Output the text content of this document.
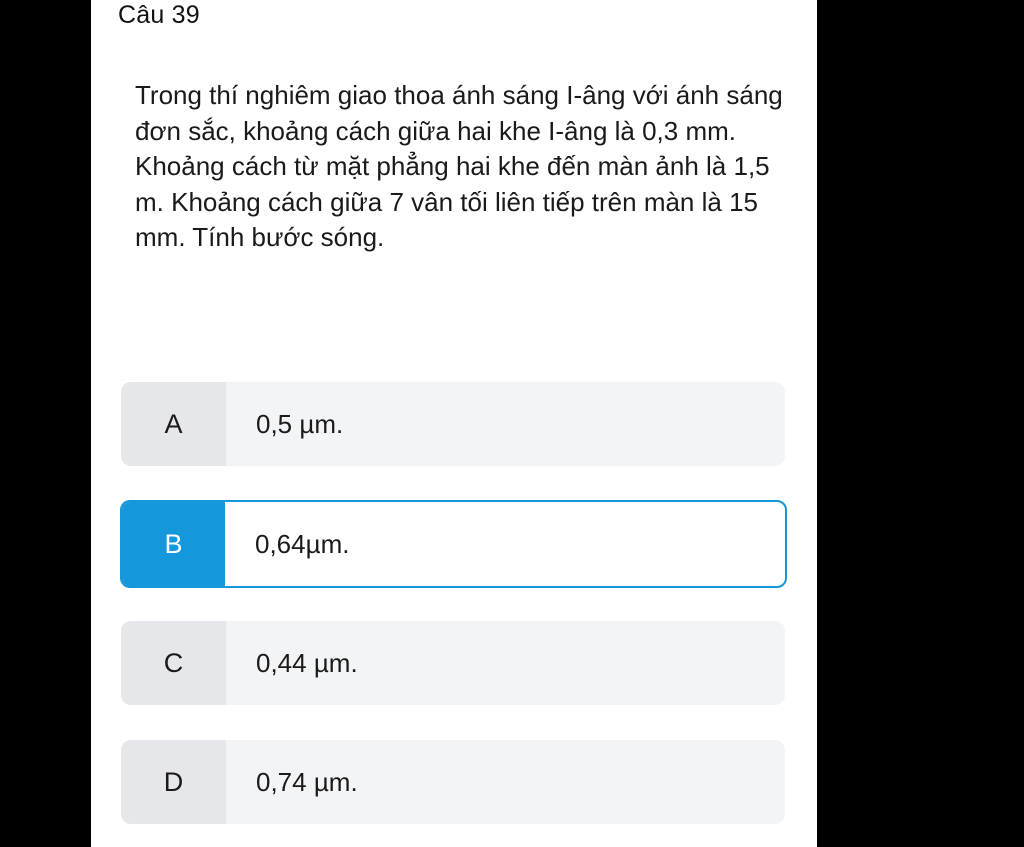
Câu 39

Trong thí nghiêm giao thoa ánh sáng I-âng với ánh sáng đơn sắc, khoảng cách giữa hai khe I-âng là 0,3 mm. Khoảng cách từ mặt phẳng hai khe đến màn ảnh là 1,5 m. Khoảng cách giữa 7 vân tối liên tiếp trên màn là 15 mm. Tính bước sóng.

A	0,5 µm.
B	0,64µm.
C	0,44 µm.
D	0,74 µm.
